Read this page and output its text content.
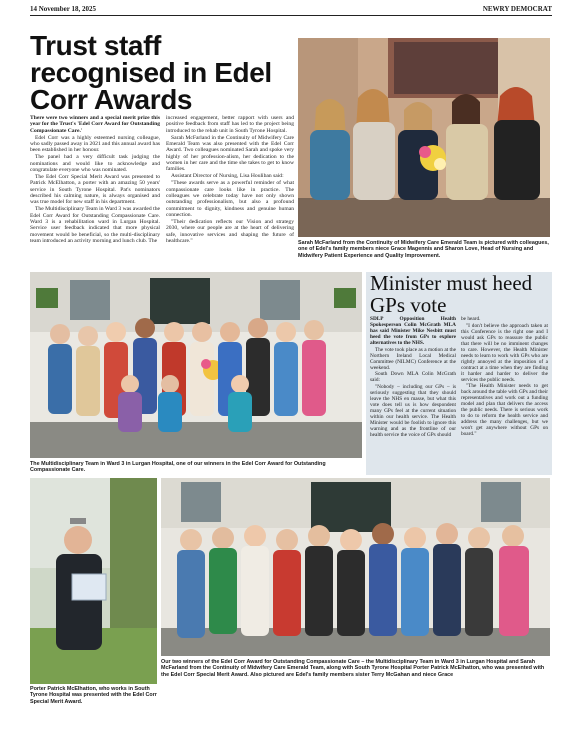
14 November 18, 2025	NEWRY DEMOCRAT
Trust staff recognised in Edel Corr Awards

There were two winners and a special merit prize this year for the Trust's 'Edel Corr Award for Outstanding Compassionate Care.'

Edel Corr was a highly esteemed nursing colleague, who sadly passed away in 2021 and this annual award has been established in her honour.

The panel had a very difficult task judging the nominations and would like to acknowledge and congratulate everyone who was nominated.

The Edel Corr Special Merit Award was presented to Patrick McElhatton, a porter with an amazing 50 years' service in South Tyrone Hospital. Pat's nominators described his calming nature, is always organised and was true model for new staff in his department.

The Multidisciplinary Team in Ward 3 was awarded the Edel Corr Award for Outstanding Compassionate Care. Ward 3 is a rehabilitation ward in Lurgan Hospital. Service user feedback indicated that more physical movement would be beneficial, so the multi-disciplinary team introduced an activity morning and lunch club. The

increased engagement, better rapport with users and positive feedback from staff has led to the project being introduced to the rehab unit in South Tyrone Hospital.

Sarah McFarland in the Continuity of Midwifery Care Emerald Team was also presented with the Edel Corr Award. Two colleagues nominated Sarah and spoke very highly of her profession-alism, her dedication to the women in her care and the time she takes to get to know families.

Assistant Director of Nursing, Lisa Houliban said:

"These awards serve as a powerful reminder of what compassionate care looks like in practice. The colleagues we celebrate today have not only shown outstanding professionalism, but also a profound commitment to dignity, kindness and genuine human connection.

"Their dedication reflects our Vision and strategy 2030, where our people are at the heart of delivering safe, innovative services and shaping the future of healthcare."	Sarah McFarland from the Continuity of Midwifery Care Emerald Team is pictured with colleagues, one of Edel's family members niece Grace Magennis and Sharon Love, Head of Nursing and Midwifery Patient Experience and Quality Improvement.
The Multidisciplinary Team in Ward 3 in Lurgan Hospital, one of our winners in the Edel Corr Award for Outstanding Compassionate Care.
Minister must heed GPs vote

SDLP Opposition Health Spokesperson Colin McGrath MLA has said Minister Mike Nesbitt must heed the vote from GPs to explore alternatives to the NHS.

The vote took place as a motion at the Northern Ireland Local Medical Committee (NILMC) Conference at the weekend.

South Down MLA Colin McGrath said:

"Nobody – including our GPs – is seriously suggesting that they should leave the NHS en masse, but what this vote does tell us is how despondent many GPs feel at the current situation within our health service. The Health Minister would be foolish to ignore this warning and as the frontline of our health service the voice of GPs should

be heard.

"I don't believe the approach taken at this Conference is the right one and I would ask GPs to reassure the public that there will be no imminent changes to care. However, the Health Minister needs to learn to work with GPs who are rightly annoyed at the imposition of a contract at a time when they are finding it harder and harder to deliver the services the public needs.

"The Health Minister needs to get back around the table with GPs and their representatives and work out a funding model and plan that delivers the access the public needs. There is serious work to do to reform the health service and address the many challenges, but we won't get anywhere without GPs on board."

Porter Patrick McElhatton, who works in South Tyrone Hospital was presented with the Edel Corr Special Merit Award.
Our two winners of the Edel Corr Award for Outstanding Compassionate Care – the Multidisciplinary Team in Ward 3 in Lurgan Hospital and Sarah McFarland from the Continuity of Midwifery Care Emerald Team, along with South Tyrone Hospital Porter Patrick McElhatton, who was presented with the Edel Corr Special Merit Award. Also pictured are Edel's family members sister Terry McGahan and niece Grace
